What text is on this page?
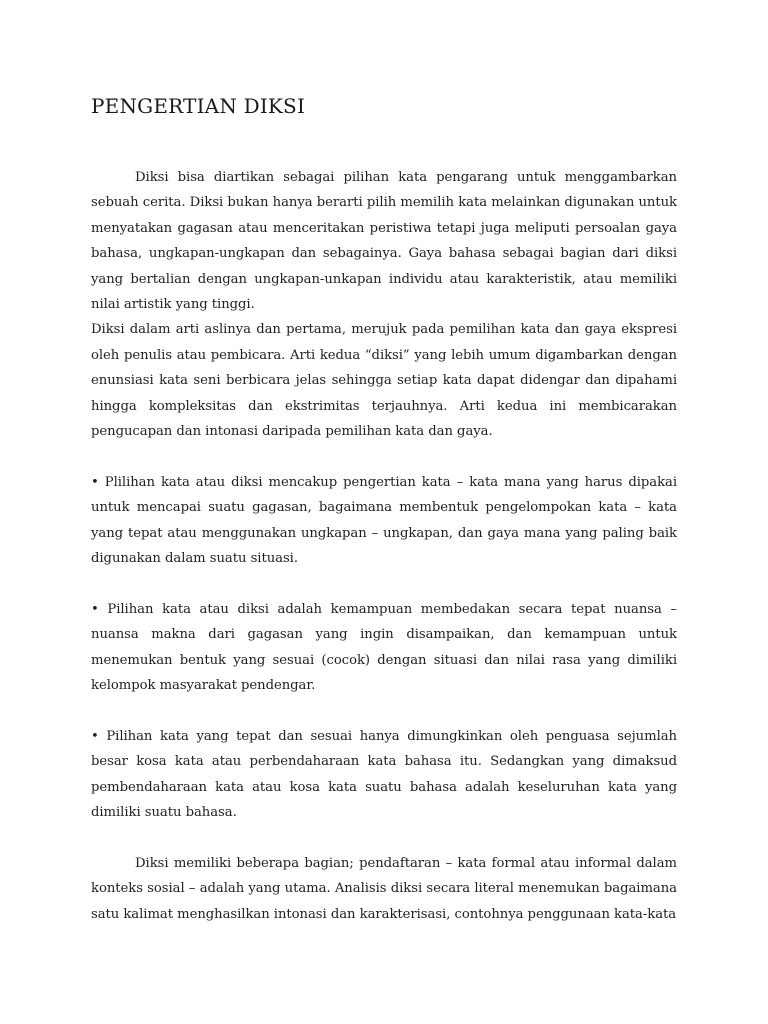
PENGERTIAN DIKSI

Diksi bisa diartikan sebagai pilihan kata pengarang untuk menggambarkan sebuah cerita. Diksi bukan hanya berarti pilih memilih kata melainkan digunakan untuk menyatakan gagasan atau menceritakan peristiwa tetapi juga meliputi persoalan gaya bahasa, ungkapan-ungkapan dan sebagainya. Gaya bahasa sebagai bagian dari diksi yang bertalian dengan ungkapan-unkapan individu atau karakteristik, atau memiliki nilai artistik yang tinggi.

Diksi dalam arti aslinya dan pertama, merujuk pada pemilihan kata dan gaya ekspresi oleh penulis atau pembicara. Arti kedua “diksi” yang lebih umum digambarkan dengan enunsiasi kata seni berbicara jelas sehingga setiap kata dapat didengar dan dipahami hingga kompleksitas dan ekstrimitas terjauhnya. Arti kedua ini membicarakan pengucapan dan intonasi daripada pemilihan kata dan gaya.

• Plilihan kata atau diksi mencakup pengertian kata – kata mana yang harus dipakai untuk mencapai suatu gagasan, bagaimana membentuk pengelompokan kata – kata yang tepat atau menggunakan ungkapan – ungkapan, dan gaya mana yang paling baik digunakan dalam suatu situasi.

• Pilihan kata atau diksi adalah kemampuan membedakan secara tepat nuansa – nuansa makna dari gagasan yang ingin disampaikan, dan kemampuan untuk menemukan bentuk yang sesuai (cocok) dengan situasi dan nilai rasa yang dimiliki kelompok masyarakat pendengar.

• Pilihan kata yang tepat dan sesuai hanya dimungkinkan oleh penguasa sejumlah besar kosa kata atau perbendaharaan kata bahasa itu. Sedangkan yang dimaksud pembendaharaan kata atau kosa kata suatu bahasa adalah keseluruhan kata yang dimiliki suatu bahasa.

Diksi memiliki beberapa bagian; pendaftaran – kata formal atau informal dalam konteks sosial – adalah yang utama. Analisis diksi secara literal menemukan bagaimana satu kalimat menghasilkan intonasi dan karakterisasi, contohnya penggunaan kata-kata
